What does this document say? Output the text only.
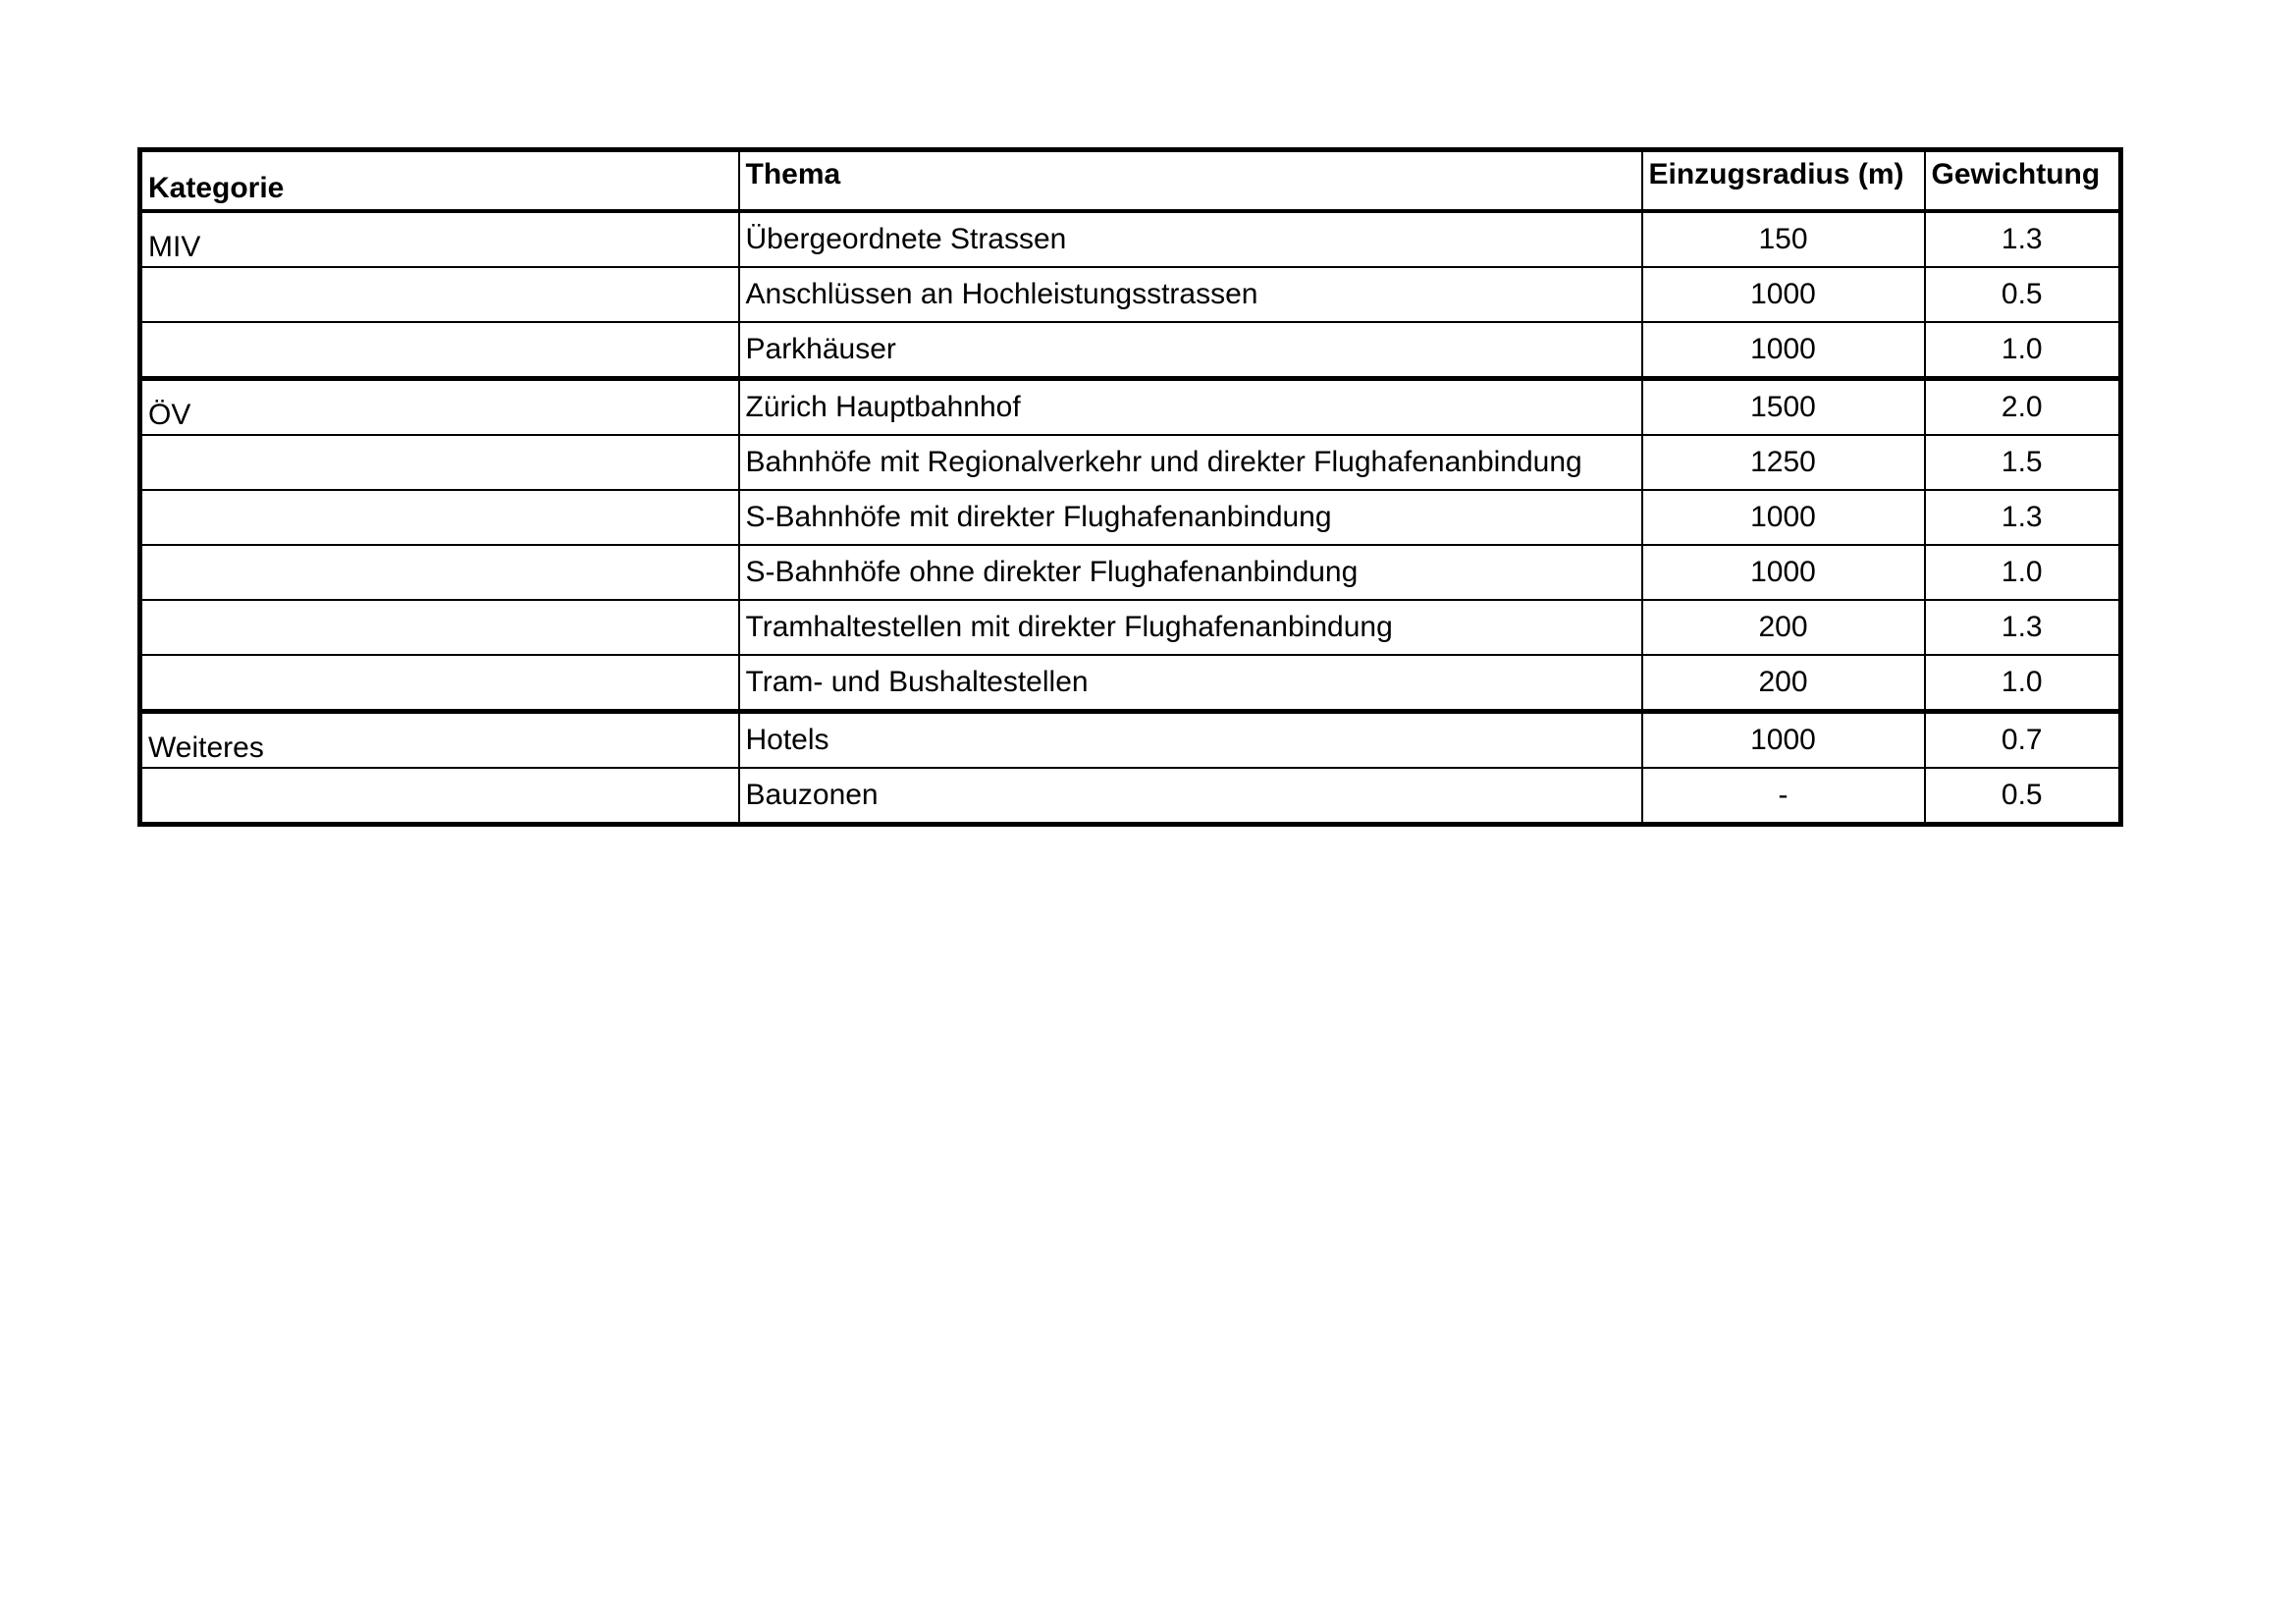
Kategorie	Thema	Einzugsradius (m)	Gewichtung
MIV	Übergeordnete Strassen	150	1.3
	Anschlüssen an Hochleistungsstrassen	1000	0.5
	Parkhäuser	1000	1.0
ÖV	Zürich Hauptbahnhof	1500	2.0
	Bahnhöfe mit Regionalverkehr und direkter Flughafenanbindung	1250	1.5
	S-Bahnhöfe mit direkter Flughafenanbindung	1000	1.3
	S-Bahnhöfe ohne direkter Flughafenanbindung	1000	1.0
	Tramhaltestellen mit direkter Flughafenanbindung	200	1.3
	Tram- und Bushaltestellen	200	1.0
Weiteres	Hotels	1000	0.7
	Bauzonen	-	0.5
